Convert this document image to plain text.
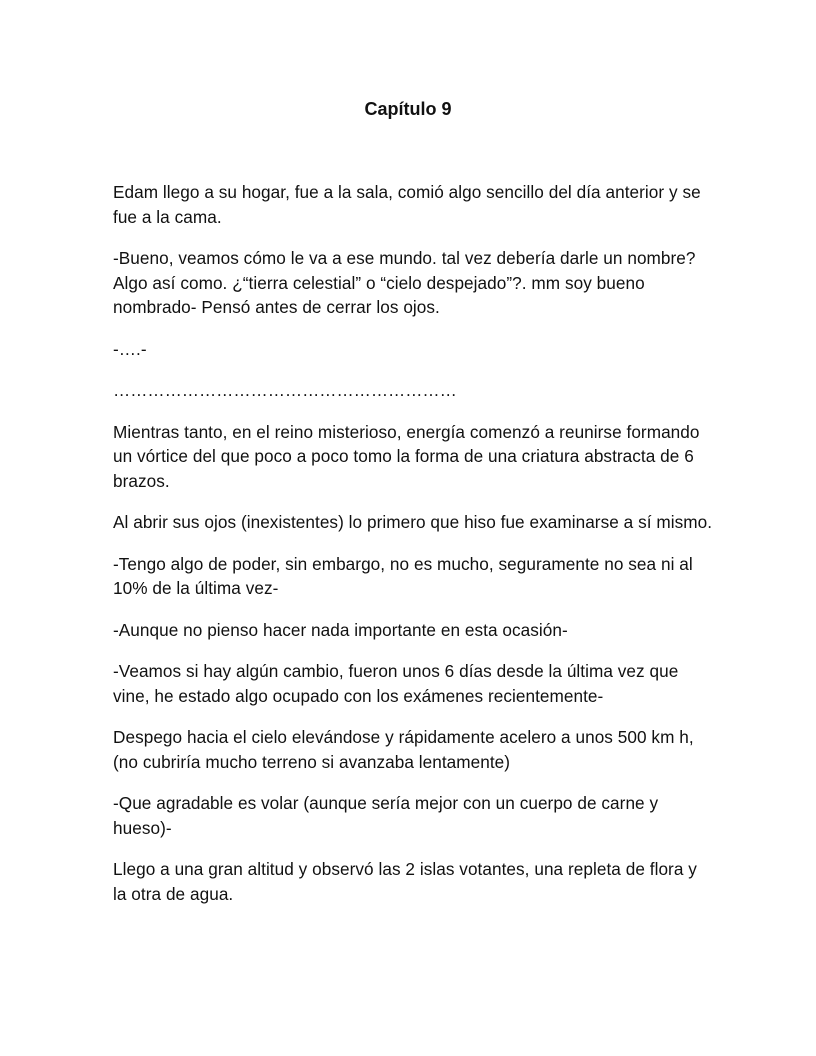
Capítulo 9

Edam llego a su hogar, fue a la sala, comió algo sencillo del día anterior y se fue a la cama.

-Bueno, veamos cómo le va a ese mundo. tal vez debería darle un nombre? Algo así como. ¿“tierra celestial” o “cielo despejado”?. mm soy bueno nombrado- Pensó antes de cerrar los ojos.

-….-

……………………………………………………

Mientras tanto, en el reino misterioso, energía comenzó a reunirse formando un vórtice del que poco a poco tomo la forma de una criatura abstracta de 6 brazos.

Al abrir sus ojos (inexistentes) lo primero que hiso fue examinarse a sí mismo.

-Tengo algo de poder, sin embargo, no es mucho, seguramente no sea ni al 10% de la última vez-

-Aunque no pienso hacer nada importante en esta ocasión-

-Veamos si hay algún cambio, fueron unos 6 días desde la última vez que vine, he estado algo ocupado con los exámenes recientemente-

Despego hacia el cielo elevándose y rápidamente acelero a unos 500 km h, (no cubriría mucho terreno si avanzaba lentamente)

-Que agradable es volar (aunque sería mejor con un cuerpo de carne y hueso)-

Llego a una gran altitud y observó las 2 islas votantes, una repleta de flora y la otra de agua.
